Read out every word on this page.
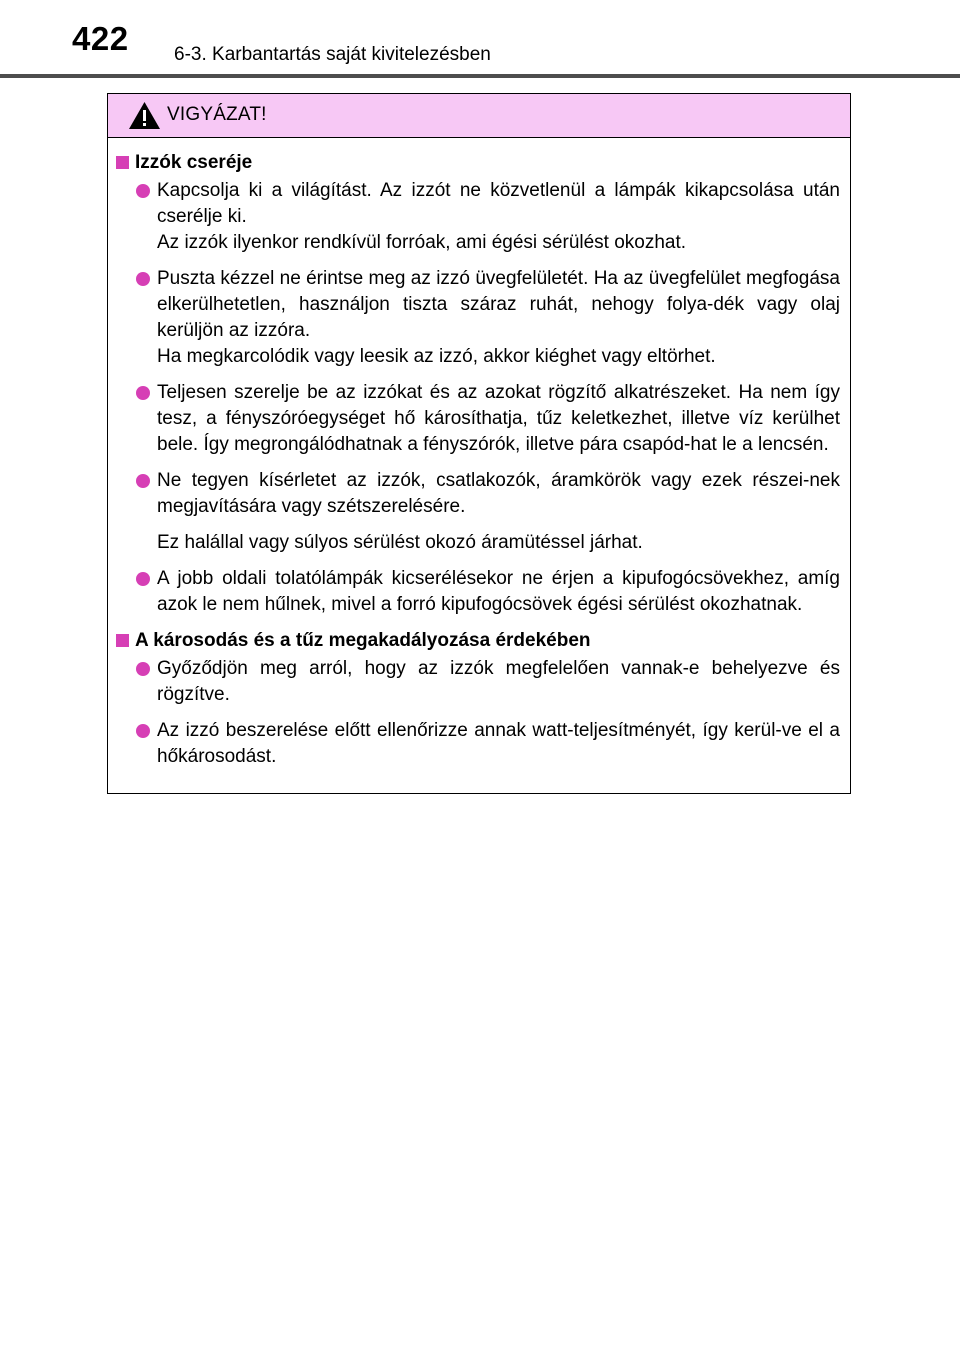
422 6-3. Karbantartás saját kivitelezésben
VIGYÁZAT!
Izzók cseréje

Kapcsolja ki a világítást. Az izzót ne közvetlenül a lámpák kikapcsolása után cserélje ki.

Az izzók ilyenkor rendkívül forróak, ami égési sérülést okozhat.

Puszta kézzel ne érintse meg az izzó üvegfelületét. Ha az üvegfelület megfogása elkerülhetetlen, használjon tiszta száraz ruhát, nehogy folya-dék vagy olaj kerüljön az izzóra.

Ha megkarcolódik vagy leesik az izzó, akkor kiéghet vagy eltörhet.

Teljesen szerelje be az izzókat és az azokat rögzítő alkatrészeket. Ha nem így tesz, a fényszóróegységet hő károsíthatja, tűz keletkezhet, illetve víz kerülhet bele. Így megrongálódhatnak a fényszórók, illetve pára csapód-hat le a lencsén.

Ne tegyen kísérletet az izzók, csatlakozók, áramkörök vagy ezek részei-nek megjavítására vagy szétszerelésére.

Ez halállal vagy súlyos sérülést okozó áramütéssel járhat.

A jobb oldali tolatólámpák kicserélésekor ne érjen a kipufogócsövekhez, amíg azok le nem hűlnek, mivel a forró kipufogócsövek égési sérülést okozhatnak.

A károsodás és a tűz megakadályozása érdekében

Győződjön meg arról, hogy az izzók megfelelően vannak-e behelyezve és rögzítve.

Az izzó beszerelése előtt ellenőrizze annak watt-teljesítményét, így kerül-ve el a hőkárosodást.
